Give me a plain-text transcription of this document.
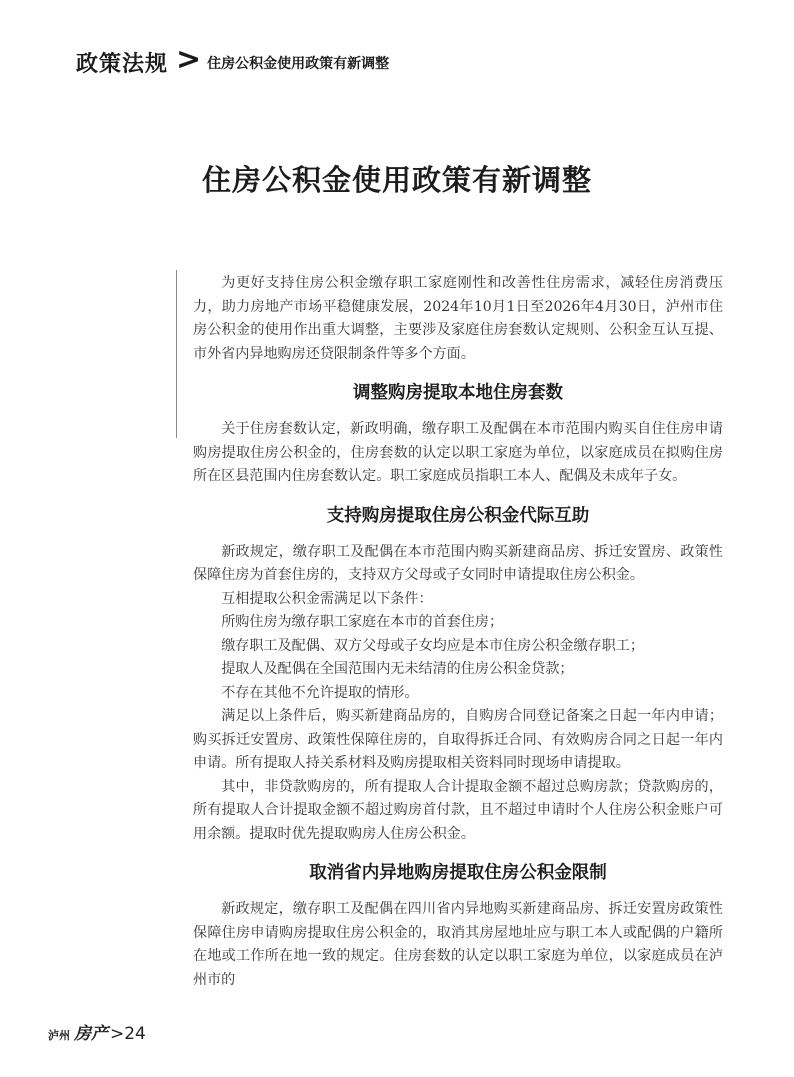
政策法规 > 住房公积金使用政策有新调整
住房公积金使用政策有新调整

为更好支持住房公积金缴存职工家庭刚性和改善性住房需求，减轻住房消费压力，助力房地产市场平稳健康发展，2024年10月1日至2026年4月30日，泸州市住房公积金的使用作出重大调整，主要涉及家庭住房套数认定规则、公积金互认互提、市外省内异地购房还贷限制条件等多个方面。

调整购房提取本地住房套数

关于住房套数认定，新政明确，缴存职工及配偶在本市范围内购买自住住房申请购房提取住房公积金的，住房套数的认定以职工家庭为单位，以家庭成员在拟购住房所在区县范围内住房套数认定。职工家庭成员指职工本人、配偶及未成年子女。

支持购房提取住房公积金代际互助

新政规定，缴存职工及配偶在本市范围内购买新建商品房、拆迁安置房、政策性保障住房为首套住房的，支持双方父母或子女同时申请提取住房公积金。

互相提取公积金需满足以下条件：

所购住房为缴存职工家庭在本市的首套住房；

缴存职工及配偶、双方父母或子女均应是本市住房公积金缴存职工；

提取人及配偶在全国范围内无未结清的住房公积金贷款；

不存在其他不允许提取的情形。

满足以上条件后，购买新建商品房的，自购房合同登记备案之日起一年内申请；购买拆迁安置房、政策性保障住房的，自取得拆迁合同、有效购房合同之日起一年内申请。所有提取人持关系材料及购房提取相关资料同时现场申请提取。

其中，非贷款购房的，所有提取人合计提取金额不超过总购房款；贷款购房的，所有提取人合计提取金额不超过购房首付款，且不超过申请时个人住房公积金账户可用余额。提取时优先提取购房人住房公积金。

取消省内异地购房提取住房公积金限制

新政规定，缴存职工及配偶在四川省内异地购买新建商品房、拆迁安置房政策性保障住房申请购房提取住房公积金的，取消其房屋地址应与职工本人或配偶的户籍所在地或工作所在地一致的规定。住房套数的认定以职工家庭为单位，以家庭成员在泸州市的

泸州 房产 >24
